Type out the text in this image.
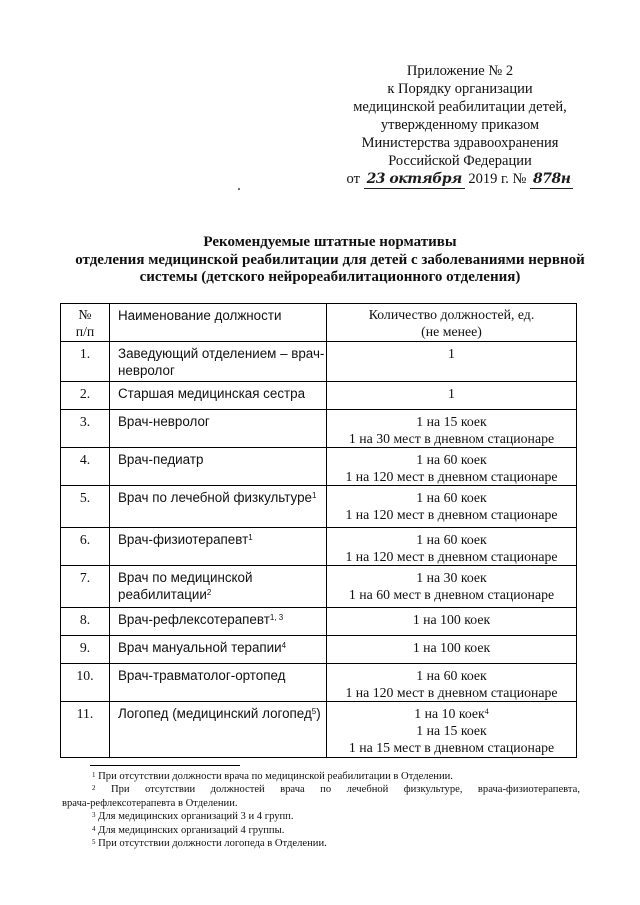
Приложение № 2
к Порядку организации
медицинской реабилитации детей,
утвержденному приказом
Министерства здравоохранения
Российской Федерации
от 23 октября 2019 г. № 878н
Рекомендуемые штатные нормативы
отделения медицинской реабилитации для детей с заболеваниями нервной
системы (детского нейрореабилитационного отделения)
№
п/п	Наименование должности	Количество должностей, ед.
(не менее)

1.	Заведующий отделением – врач-невролог	1

2.	Старшая медицинская сестра	1

3.	Врач-невролог	1 на 15 коек
1 на 30 мест в дневном стационаре

4.	Врач-педиатр	1 на 60 коек
1 на 120 мест в дневном стационаре

5.	Врач по лечебной физкультуре$^1$	1 на 60 коек
1 на 120 мест в дневном стационаре

6.	Врач-физиотерапевт$^1$	1 на 60 коек
1 на 120 мест в дневном стационаре

7.	Врач по медицинской реабилитации$^2$	1 на 30 коек
1 на 60 мест в дневном стационаре

8.	Врач-рефлексотерапевт$^{1, 3}$	1 на 100 коек

9.	Врач мануальной терапии$^4$	1 на 100 коек

10.	Врач-травматолог-ортопед	1 на 60 коек
1 на 120 мест в дневном стационаре

11.	Логопед (медицинский логопед$^5$)	1 на 10 коек$^4$
1 на 15 коек
1 на 15 мест в дневном стационаре
$^1$ При отсутствии должности врача по медицинской реабилитации в Отделении.
$^2$ При отсутствии должностей врача по лечебной физкультуре, врача-физиотерапевта,
врача-рефлексотерапевта в Отделении.
$^3$ Для медицинских организаций 3 и 4 групп.
$^4$ Для медицинских организаций 4 группы.
$^5$ При отсутствии должности логопеда в Отделении.
